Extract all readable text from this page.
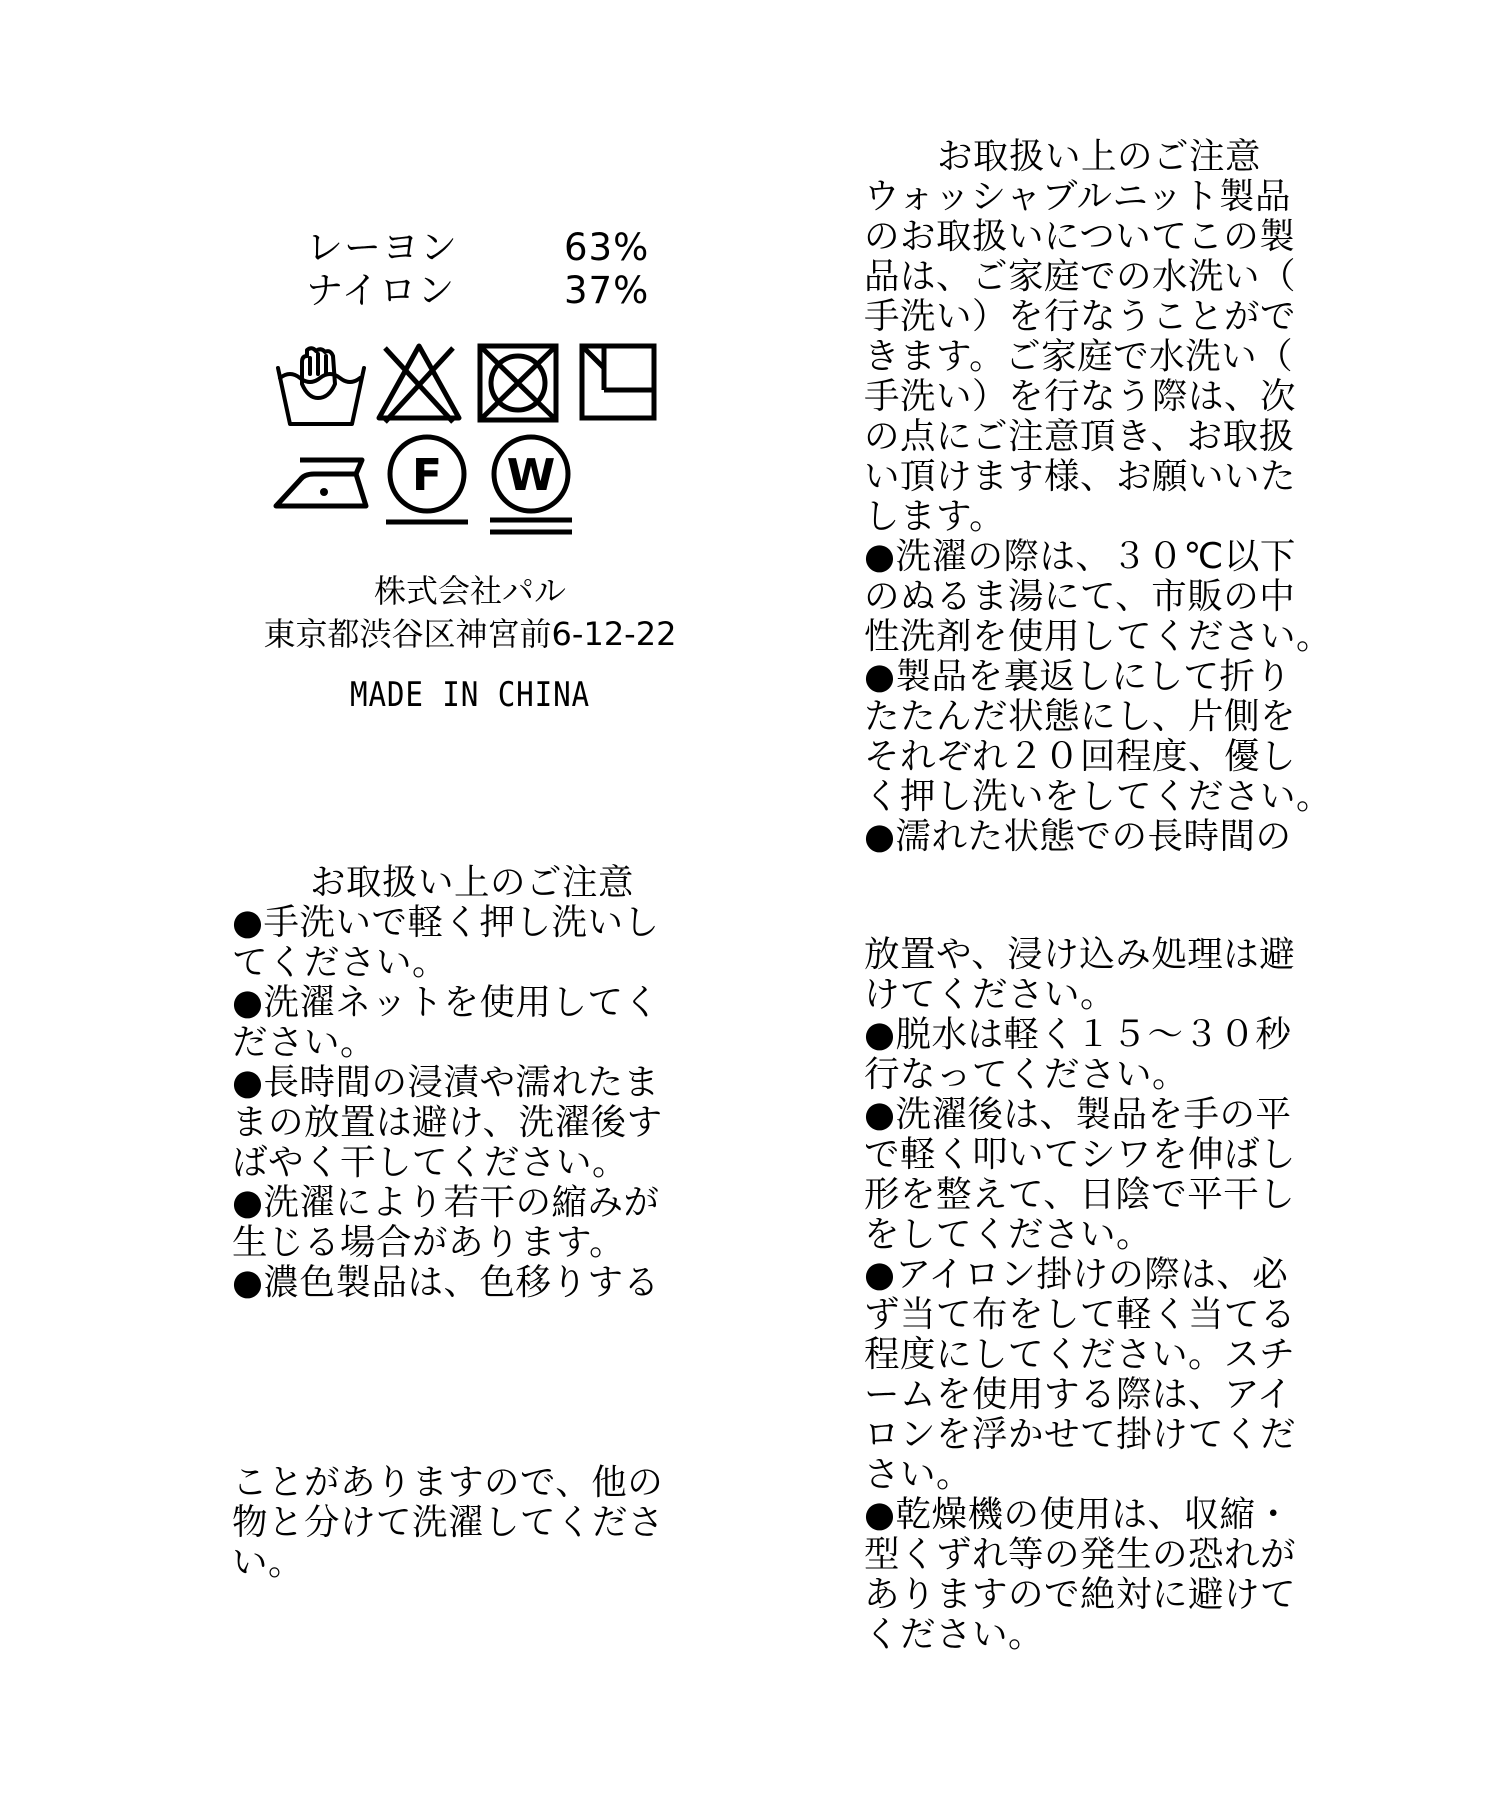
レーヨン	63%
ナイロン	37%
F W
株式会社パル
東京都渋谷区神宮前6-12-22
MADE IN CHINA
お取扱い上のご注意
●手洗いで軽く押し洗いし
てください。
●洗濯ネットを使用してく
ださい。
●長時間の浸漬や濡れたま
まの放置は避け、洗濯後す
ばやく干してください。
●洗濯により若干の縮みが
生じる場合があります。
●濃色製品は、色移りする
ことがありますので、他の
物と分けて洗濯してくださ
い。
お取扱い上のご注意
ウォッシャブルニット製品
のお取扱いについてこの製
品は、ご家庭での水洗い（
手洗い）を行なうことがで
きます。ご家庭で水洗い（
手洗い）を行なう際は、次
の点にご注意頂き、お取扱
い頂けます様、お願いいた
します。
●洗濯の際は、３０℃以下
のぬるま湯にて、市販の中
性洗剤を使用してください。
●製品を裏返しにして折り
たたんだ状態にし、片側を
それぞれ２０回程度、優し
く押し洗いをしてください。
●濡れた状態での長時間の
放置や、浸け込み処理は避
けてください。
●脱水は軽く１５～３０秒
行なってください。
●洗濯後は、製品を手の平
で軽く叩いてシワを伸ばし
形を整えて、日陰で平干し
をしてください。
●アイロン掛けの際は、必
ず当て布をして軽く当てる
程度にしてください。スチ
ームを使用する際は、アイ
ロンを浮かせて掛けてくだ
さい。
●乾燥機の使用は、収縮・
型くずれ等の発生の恐れが
ありますので絶対に避けて
ください。
